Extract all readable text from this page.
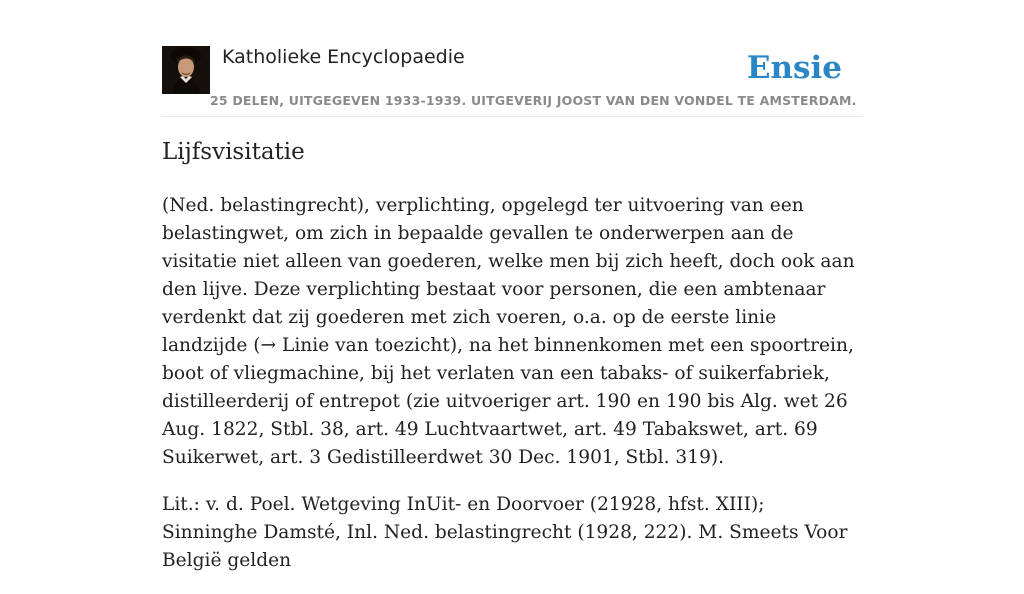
Katholieke Encyclopaedie
25 DELEN, UITGEGEVEN 1933-1939. UITGEVERIJ JOOST VAN DEN VONDEL TE AMSTERDAM.
Ensie
Lijfsvisitatie

(Ned. belastingrecht), verplichting, opgelegd ter uitvoering van een belastingwet, om zich in bepaalde gevallen te onderwerpen aan de visitatie niet alleen van goederen, welke men bij zich heeft, doch ook aan den lijve. Deze verplichting bestaat voor personen, die een ambtenaar verdenkt dat zij goederen met zich voeren, o.a. op de eerste linie landzijde (→ Linie van toezicht), na het binnenkomen met een spoortrein, boot of vliegmachine, bij het verlaten van een tabaks- of suikerfabriek, distilleerderij of entrepot (zie uitvoeriger art. 190 en 190 bis Alg. wet 26 Aug. 1822, Stbl. 38, art. 49 Luchtvaartwet, art. 49 Tabakswet, art. 69 Suikerwet, art. 3 Gedistilleerdwet 30 Dec. 1901, Stbl. 319).

Lit.: v. d. Poel. Wetgeving InUit- en Doorvoer (21928, hfst. XIII); Sinninghe Damsté, Inl. Ned. belastingrecht (1928, 222). M. Smeets Voor België gelden
